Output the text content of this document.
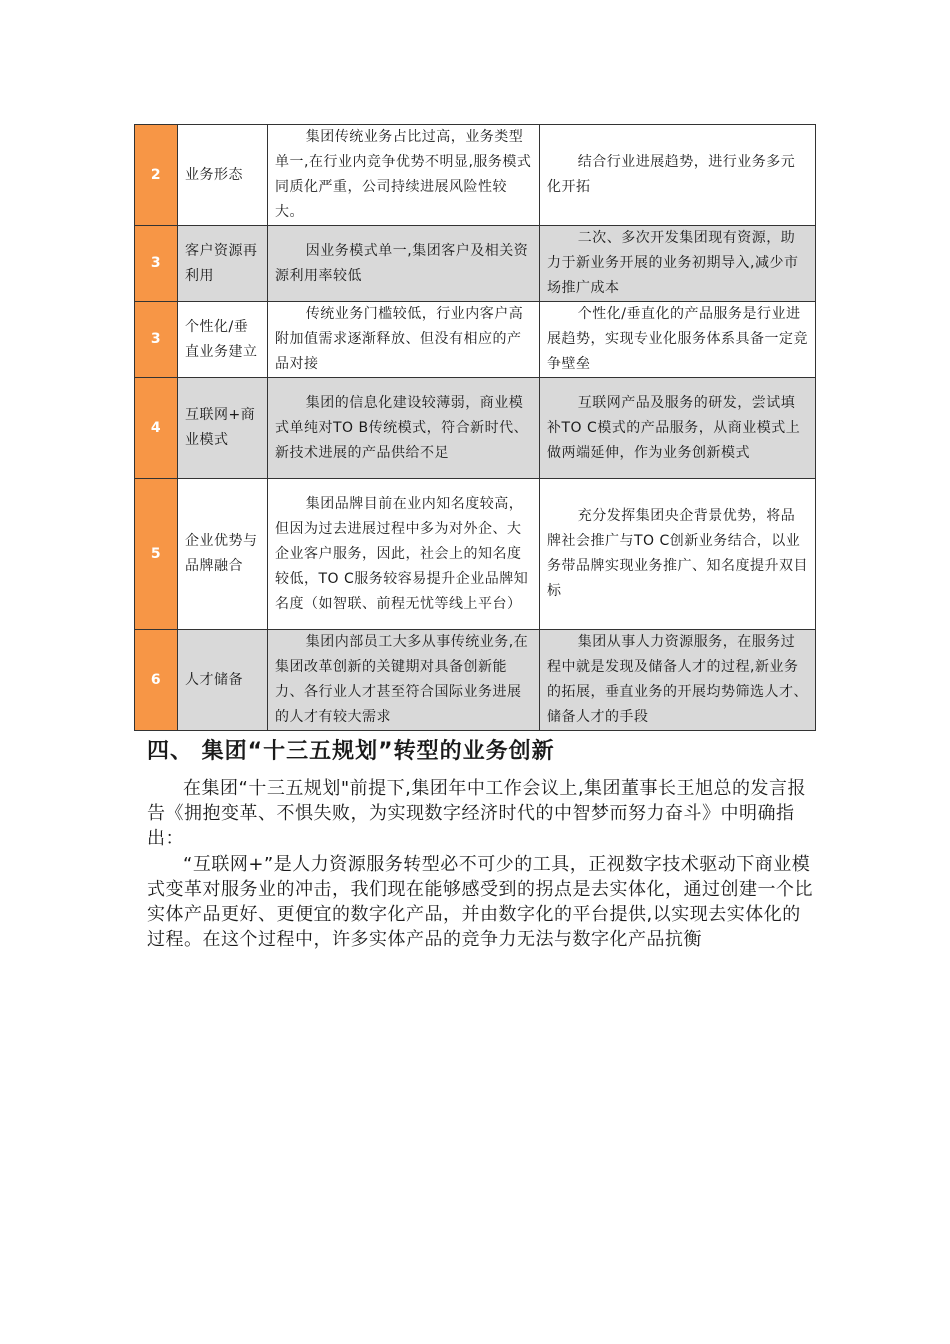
2	业务形态	集团传统业务占比过高，业务类型单一,在行业内竞争优势不明显,服务模式同质化严重，公司持续进展风险性较大。	结合行业进展趋势，进行业务多元化开拓
3	客户资源再利用	因业务模式单一,集团客户及相关资源利用率较低	二次、多次开发集团现有资源，助力于新业务开展的业务初期导入,减少市场推广成本
3	个性化/垂直业务建立	传统业务门槛较低，行业内客户高附加值需求逐渐释放、但没有相应的产品对接	个性化/垂直化的产品服务是行业进展趋势，实现专业化服务体系具备一定竞争壁垒
4	互联网+商业模式	集团的信息化建设较薄弱，商业模式单纯对TO B传统模式，符合新时代、新技术进展的产品供给不足	互联网产品及服务的研发，尝试填补TO C模式的产品服务，从商业模式上做两端延伸，作为业务创新模式
5	企业优势与品牌融合	集团品牌目前在业内知名度较高，但因为过去进展过程中多为对外企、大企业客户服务，因此，社会上的知名度较低，TO C服务较容易提升企业品牌知名度（如智联、前程无忧等线上平台）	充分发挥集团央企背景优势，将品牌社会推广与TO C创新业务结合，以业务带品牌实现业务推广、知名度提升双目标
6	人才储备	集团内部员工大多从事传统业务,在集团改革创新的关键期对具备创新能力、各行业人才甚至符合国际业务进展的人才有较大需求	集团从事人力资源服务，在服务过程中就是发现及储备人才的过程,新业务的拓展，垂直业务的开展均势筛选人才、储备人才的手段
四、 集团“十三五规划”转型的业务创新

在集团“十三五规划"前提下,集团年中工作会议上,集团董事长王旭总的发言报告《拥抱变革、不惧失败，为实现数字经济时代的中智梦而努力奋斗》中明确指出：

“互联网+”是人力资源服务转型必不可少的工具，正视数字技术驱动下商业模式变革对服务业的冲击，我们现在能够感受到的拐点是去实体化，通过创建一个比实体产品更好、更便宜的数字化产品，并由数字化的平台提供,以实现去实体化的过程。在这个过程中，许多实体产品的竞争力无法与数字化产品抗衡
